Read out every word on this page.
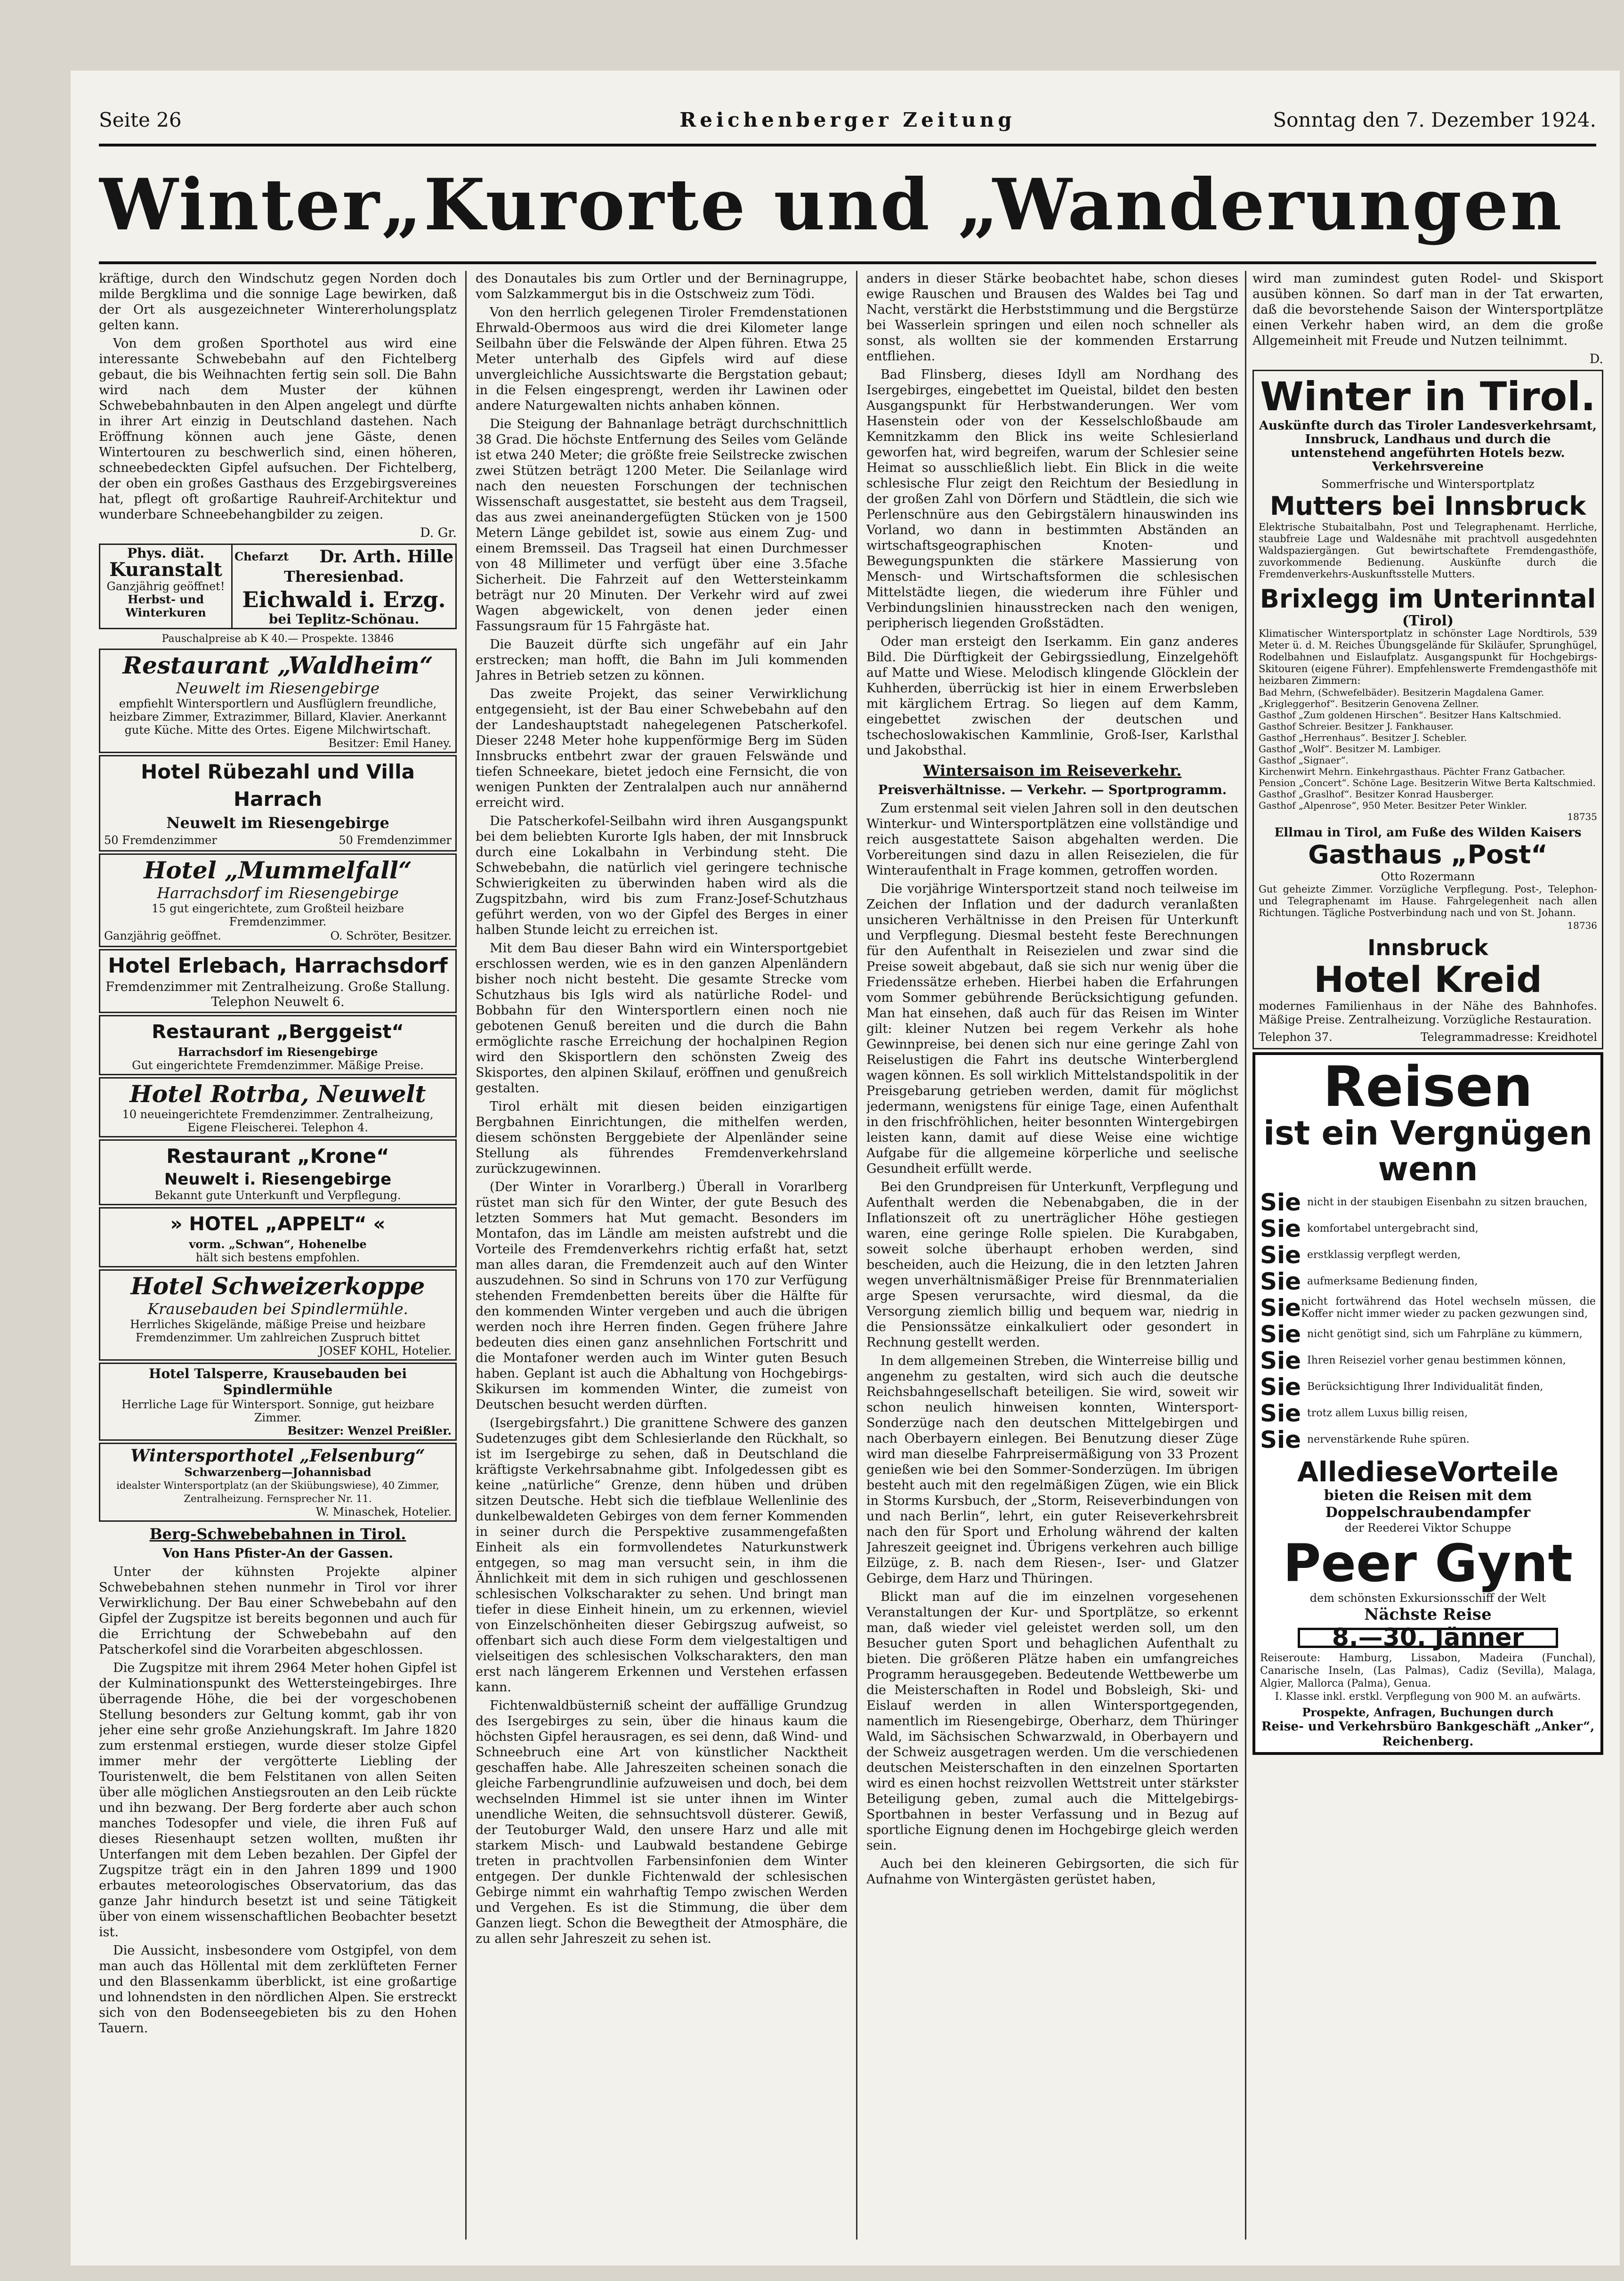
Seite 26	Reichenberger Zeitung	Sonntag den 7. Dezember 1924.
Winter„Kurorte und „Wanderungen

kräftige, durch den Windschutz gegen Norden doch milde Bergklima und die sonnige Lage bewirken, daß der Ort als ausgezeichneter Wintererholungsplatz gelten kann.

Von dem großen Sporthotel aus wird eine interessante Schwebebahn auf den Fichtelberg gebaut, die bis Weihnachten fertig sein soll. Die Bahn wird nach dem Muster der kühnen Schwebebahnbauten in den Alpen angelegt und dürfte in ihrer Art einzig in Deutschland dastehen. Nach Eröffnung können auch jene Gäste, denen Wintertouren zu beschwerlich sind, einen höheren, schneebedeckten Gipfel aufsuchen. Der Fichtelberg, der oben ein großes Gasthaus des Erzgebirgsvereines hat, pflegt oft großartige Rauhreif-Architektur und wunderbare Schneebehangbilder zu zeigen.

D. Gr.
Phys. diät.
Kuranstalt
Ganzjährig geöffnet!
Herbst- und Winterkuren
Chefarzt Dr. Arth. Hille
Theresienbad.
Eichwald i. Erzg.
bei Teplitz-Schönau.
Pauschalpreise ab K 40.— Prospekte. 13846
Restaurant „Waldheim“
Neuwelt im Riesengebirge
empfiehlt Wintersportlern und Ausflüglern freundliche, heizbare Zimmer, Extrazimmer, Billard, Klavier. Anerkannt gute Küche. Mitte des Ortes. Eigene Milchwirtschaft.
Besitzer: Emil Haney.
Hotel Rübezahl und Villa Harrach
Neuwelt im Riesengebirge
50 Fremdenzimmer	50 Fremdenzimmer
Hotel „Mummelfall“
Harrachsdorf im Riesengebirge
15 gut eingerichtete, zum Großteil heizbare Fremdenzimmer.
Ganzjährig geöffnet.	O. Schröter, Besitzer.
Hotel Erlebach, Harrachsdorf
Fremdenzimmer mit Zentralheizung. Große Stallung. Telephon Neuwelt 6.
Restaurant „Berggeist“
Harrachsdorf im Riesengebirge
Gut eingerichtete Fremdenzimmer. Mäßige Preise.
Hotel Rotrba, Neuwelt
10 neueingerichtete Fremdenzimmer. Zentralheizung, Eigene Fleischerei. Telephon 4.
Restaurant „Krone“
Neuwelt i. Riesengebirge
Bekannt gute Unterkunft und Verpflegung.
» HOTEL „APPELT“ «
vorm. „Schwan“, Hohenelbe
hält sich bestens empfohlen.
Hotel Schweizerkoppe
Krausebauden bei Spindlermühle.
Herrliches Skigelände, mäßige Preise und heizbare Fremdenzimmer. Um zahlreichen Zuspruch bittet
JOSEF KOHL, Hotelier.
Hotel Talsperre, Krausebauden bei Spindlermühle
Herrliche Lage für Wintersport. Sonnige, gut heizbare Zimmer.
Besitzer: Wenzel Preißler.
Wintersporthotel „Felsenburg“
Schwarzenberg—Johannisbad
idealster Wintersportplatz (an der Skiübungswiese), 40 Zimmer, Zentralheizung. Fernsprecher Nr. 11.
W. Minaschek, Hotelier.
Berg-Schwebebahnen in Tirol.
Von Hans Pfister-An der Gassen.

Unter der kühnsten Projekte alpiner Schwebebahnen stehen nunmehr in Tirol vor ihrer Verwirklichung. Der Bau einer Schwebebahn auf den Gipfel der Zugspitze ist bereits begonnen und auch für die Errichtung der Schwebebahn auf den Patscherkofel sind die Vorarbeiten abgeschlossen.

Die Zugspitze mit ihrem 2964 Meter hohen Gipfel ist der Kulminationspunkt des Wettersteingebirges. Ihre überragende Höhe, die bei der vorgeschobenen Stellung besonders zur Geltung kommt, gab ihr von jeher eine sehr große Anziehungskraft. Im Jahre 1820 zum erstenmal erstiegen, wurde dieser stolze Gipfel immer mehr der vergötterte Liebling der Touristenwelt, die bem Felstitanen von allen Seiten über alle möglichen Anstiegsrouten an den Leib rückte und ihn bezwang. Der Berg forderte aber auch schon manches Todesopfer und viele, die ihren Fuß auf dieses Riesenhaupt setzen wollten, mußten ihr Unterfangen mit dem Leben bezahlen. Der Gipfel der Zugspitze trägt ein in den Jahren 1899 und 1900 erbautes meteorologisches Observatorium, das das ganze Jahr hindurch besetzt ist und seine Tätigkeit über von einem wissenschaftlichen Beobachter besetzt ist.

Die Aussicht, insbesondere vom Ostgipfel, von dem man auch das Höllental mit dem zerklüfteten Ferner und den Blassenkamm überblickt, ist eine großartige und lohnendsten in den nördlichen Alpen. Sie erstreckt sich von den Bodenseegebieten bis zu den Hohen Tauern.

des Donautales bis zum Ortler und der Berninagruppe, vom Salzkammergut bis in die Ostschweiz zum Tödi.

Von den herrlich gelegenen Tiroler Fremdenstationen Ehrwald-Obermoos aus wird die drei Kilometer lange Seilbahn über die Felswände der Alpen führen. Etwa 25 Meter unterhalb des Gipfels wird auf diese unvergleichliche Aussichtswarte die Bergstation gebaut; in die Felsen eingesprengt, werden ihr Lawinen oder andere Naturgewalten nichts anhaben können.

Die Steigung der Bahnanlage beträgt durchschnittlich 38 Grad. Die höchste Entfernung des Seiles vom Gelände ist etwa 240 Meter; die größte freie Seilstrecke zwischen zwei Stützen beträgt 1200 Meter. Die Seilanlage wird nach den neuesten Forschungen der technischen Wissenschaft ausgestattet, sie besteht aus dem Tragseil, das aus zwei aneinandergefügten Stücken von je 1500 Metern Länge gebildet ist, sowie aus einem Zug- und einem Bremsseil. Das Tragseil hat einen Durchmesser von 48 Millimeter und verfügt über eine 3.5fache Sicherheit. Die Fahrzeit auf den Wettersteinkamm beträgt nur 20 Minuten. Der Verkehr wird auf zwei Wagen abgewickelt, von denen jeder einen Fassungsraum für 15 Fahrgäste hat.

Die Bauzeit dürfte sich ungefähr auf ein Jahr erstrecken; man hofft, die Bahn im Juli kommenden Jahres in Betrieb setzen zu können.

Das zweite Projekt, das seiner Verwirklichung entgegensieht, ist der Bau einer Schwebebahn auf den der Landeshauptstadt nahegelegenen Patscherkofel. Dieser 2248 Meter hohe kuppenförmige Berg im Süden Innsbrucks entbehrt zwar der grauen Felswände und tiefen Schneekare, bietet jedoch eine Fernsicht, die von wenigen Punkten der Zentralalpen auch nur annähernd erreicht wird.

Die Patscherkofel-Seilbahn wird ihren Ausgangspunkt bei dem beliebten Kurorte Igls haben, der mit Innsbruck durch eine Lokalbahn in Verbindung steht. Die Schwebebahn, die natürlich viel geringere technische Schwierigkeiten zu überwinden haben wird als die Zugspitzbahn, wird bis zum Franz-Josef-Schutzhaus geführt werden, von wo der Gipfel des Berges in einer halben Stunde leicht zu erreichen ist.

Mit dem Bau dieser Bahn wird ein Wintersportgebiet erschlossen werden, wie es in den ganzen Alpenländern bisher noch nicht besteht. Die gesamte Strecke vom Schutzhaus bis Igls wird als natürliche Rodel- und Bobbahn für den Wintersportlern einen noch nie gebotenen Genuß bereiten und die durch die Bahn ermöglichte rasche Erreichung der hochalpinen Region wird den Skisportlern den schönsten Zweig des Skisportes, den alpinen Skilauf, eröffnen und genußreich gestalten.

Tirol erhält mit diesen beiden einzigartigen Bergbahnen Einrichtungen, die mithelfen werden, diesem schönsten Berggebiete der Alpenländer seine Stellung als führendes Fremdenverkehrsland zurückzugewinnen.

(Der Winter in Vorarlberg.) Überall in Vorarlberg rüstet man sich für den Winter, der gute Besuch des letzten Sommers hat Mut gemacht. Besonders im Montafon, das im Ländle am meisten aufstrebt und die Vorteile des Fremdenverkehrs richtig erfaßt hat, setzt man alles daran, die Fremdenzeit auch auf den Winter auszudehnen. So sind in Schruns von 170 zur Verfügung stehenden Fremdenbetten bereits über die Hälfte für den kommenden Winter vergeben und auch die übrigen werden noch ihre Herren finden. Gegen frühere Jahre bedeuten dies einen ganz ansehnlichen Fortschritt und die Montafoner werden auch im Winter guten Besuch haben. Geplant ist auch die Abhaltung von Hochgebirgs-Skikursen im kommenden Winter, die zumeist von Deutschen besucht werden dürften.

(Isergebirgsfahrt.) Die granittene Schwere des ganzen Sudetenzuges gibt dem Schlesierlande den Rückhalt, so ist im Isergebirge zu sehen, daß in Deutschland die kräftigste Verkehrsabnahme gibt. Infolgedessen gibt es keine „natürliche“ Grenze, denn hüben und drüben sitzen Deutsche. Hebt sich die tiefblaue Wellenlinie des dunkelbewaldeten Gebirges von dem ferner Kommenden in seiner durch die Perspektive zusammengefaßten Einheit als ein formvollendetes Naturkunstwerk entgegen, so mag man versucht sein, in ihm die Ähnlichkeit mit dem in sich ruhigen und geschlossenen schlesischen Volkscharakter zu sehen. Und bringt man tiefer in diese Einheit hinein, um zu erkennen, wieviel von Einzelschönheiten dieser Gebirgszug aufweist, so offenbart sich auch diese Form dem vielgestaltigen und vielseitigen des schlesischen Volkscharakters, den man erst nach längerem Erkennen und Verstehen erfassen kann.

Fichtenwaldbüsterniß scheint der auffällige Grundzug des Isergebirges zu sein, über die hinaus kaum die höchsten Gipfel herausragen, es sei denn, daß Wind- und Schneebruch eine Art von künstlicher Nacktheit geschaffen habe. Alle Jahreszeiten scheinen sonach die gleiche Farbengrundlinie aufzuweisen und doch, bei dem wechselnden Himmel ist sie unter ihnen im Winter unendliche Weiten, die sehnsuchtsvoll düsterer. Gewiß, der Teutoburger Wald, den unsere Harz und alle mit starkem Misch- und Laubwald bestandene Gebirge treten in prachtvollen Farbensinfonien dem Winter entgegen. Der dunkle Fichtenwald der schlesischen Gebirge nimmt ein wahrhaftig Tempo zwischen Werden und Vergehen. Es ist die Stimmung, die über dem Ganzen liegt. Schon die Bewegtheit der Atmosphäre, die zu allen sehr Jahreszeit zu sehen ist.

anders in dieser Stärke beobachtet habe, schon dieses ewige Rauschen und Brausen des Waldes bei Tag und Nacht, verstärkt die Herbststimmung und die Bergstürze bei Wasserlein springen und eilen noch schneller als sonst, als wollten sie der kommenden Erstarrung entfliehen.

Bad Flinsberg, dieses Idyll am Nordhang des Isergebirges, eingebettet im Queistal, bildet den besten Ausgangspunkt für Herbstwanderungen. Wer vom Hasenstein oder von der Kesselschloßbaude am Kemnitzkamm den Blick ins weite Schlesierland geworfen hat, wird begreifen, warum der Schlesier seine Heimat so ausschließlich liebt. Ein Blick in die weite schlesische Flur zeigt den Reichtum der Besiedlung in der großen Zahl von Dörfern und Städtlein, die sich wie Perlenschnüre aus den Gebirgstälern hinauswinden ins Vorland, wo dann in bestimmten Abständen an wirtschaftsgeographischen Knoten- und Bewegungspunkten die stärkere Massierung von Mensch- und Wirtschaftsformen die schlesischen Mittelstädte liegen, die wiederum ihre Fühler und Verbindungslinien hinausstrecken nach den wenigen, peripherisch liegenden Großstädten.

Oder man ersteigt den Iserkamm. Ein ganz anderes Bild. Die Dürftigkeit der Gebirgssiedlung, Einzelgehöft auf Matte und Wiese. Melodisch klingende Glöcklein der Kuhherden, überrückig ist hier in einem Erwerbsleben mit kärglichem Ertrag. So liegen auf dem Kamm, eingebettet zwischen der deutschen und tschechoslowakischen Kammlinie, Groß-Iser, Karlsthal und Jakobsthal.

Wintersaison im Reiseverkehr.
Preisverhältnisse. — Verkehr. — Sportprogramm.

Zum erstenmal seit vielen Jahren soll in den deutschen Winterkur- und Wintersportplätzen eine vollständige und reich ausgestattete Saison abgehalten werden. Die Vorbereitungen sind dazu in allen Reisezielen, die für Winteraufenthalt in Frage kommen, getroffen worden.

Die vorjährige Wintersportzeit stand noch teilweise im Zeichen der Inflation und der dadurch veranlaßten unsicheren Verhältnisse in den Preisen für Unterkunft und Verpflegung. Diesmal besteht feste Berechnungen für den Aufenthalt in Reisezielen und zwar sind die Preise soweit abgebaut, daß sie sich nur wenig über die Friedenssätze erheben. Hierbei haben die Erfahrungen vom Sommer gebührende Berücksichtigung gefunden. Man hat einsehen, daß auch für das Reisen im Winter gilt: kleiner Nutzen bei regem Verkehr als hohe Gewinnpreise, bei denen sich nur eine geringe Zahl von Reiselustigen die Fahrt ins deutsche Winterberglend wagen können. Es soll wirklich Mittelstandspolitik in der Preisgebarung getrieben werden, damit für möglichst jedermann, wenigstens für einige Tage, einen Aufenthalt in den frischfröhlichen, heiter besonnten Wintergebirgen leisten kann, damit auf diese Weise eine wichtige Aufgabe für die allgemeine körperliche und seelische Gesundheit erfüllt werde.

Bei den Grundpreisen für Unterkunft, Verpflegung und Aufenthalt werden die Nebenabgaben, die in der Inflationszeit oft zu unerträglicher Höhe gestiegen waren, eine geringe Rolle spielen. Die Kurabgaben, soweit solche überhaupt erhoben werden, sind bescheiden, auch die Heizung, die in den letzten Jahren wegen unverhältnismäßiger Preise für Brennmaterialien arge Spesen verursachte, wird diesmal, da die Versorgung ziemlich billig und bequem war, niedrig in die Pensionssätze einkalkuliert oder gesondert in Rechnung gestellt werden.

In dem allgemeinen Streben, die Winterreise billig und angenehm zu gestalten, wird sich auch die deutsche Reichsbahngesellschaft beteiligen. Sie wird, soweit wir schon neulich hinweisen konnten, Wintersport-Sonderzüge nach den deutschen Mittelgebirgen und nach Oberbayern einlegen. Bei Benutzung dieser Züge wird man dieselbe Fahrpreisermäßigung von 33 Prozent genießen wie bei den Sommer-Sonderzügen. Im übrigen besteht auch mit den regelmäßigen Zügen, wie ein Blick in Storms Kursbuch, der „Storm, Reiseverbindungen von und nach Berlin“, lehrt, ein guter Reiseverkehrsbreit nach den für Sport und Erholung während der kalten Jahreszeit geeignet ind. Übrigens verkehren auch billige Eilzüge, z. B. nach dem Riesen-, Iser- und Glatzer Gebirge, dem Harz und Thüringen.

Blickt man auf die im einzelnen vorgesehenen Veranstaltungen der Kur- und Sportplätze, so erkennt man, daß wieder viel geleistet werden soll, um den Besucher guten Sport und behaglichen Aufenthalt zu bieten. Die größeren Plätze haben ein umfangreiches Programm herausgegeben. Bedeutende Wettbewerbe um die Meisterschaften in Rodel und Bobsleigh, Ski- und Eislauf werden in allen Wintersportgegenden, namentlich im Riesengebirge, Oberharz, dem Thüringer Wald, im Sächsischen Schwarzwald, in Oberbayern und der Schweiz ausgetragen werden. Um die verschiedenen deutschen Meisterschaften in den einzelnen Sportarten wird es einen hochst reizvollen Wettstreit unter stärkster Beteiligung geben, zumal auch die Mittelgebirgs-Sportbahnen in bester Verfassung und in Bezug auf sportliche Eignung denen im Hochgebirge gleich werden sein.

Auch bei den kleineren Gebirgsorten, die sich für Aufnahme von Wintergästen gerüstet haben,

wird man zumindest guten Rodel- und Skisport ausüben können. So darf man in der Tat erwarten, daß die bevorstehende Saison der Wintersportplätze einen Verkehr haben wird, an dem die große Allgemeinheit mit Freude und Nutzen teilnimmt.

D.
Winter in Tirol.
Auskünfte durch das Tiroler Landesverkehrsamt, Innsbruck, Landhaus und durch die untenstehend angeführten Hotels bezw. Verkehrsvereine
Sommerfrische und Wintersportplatz
Mutters bei Innsbruck
Elektrische Stubaitalbahn, Post und Telegraphenamt. Herrliche, staubfreie Lage und Waldesnähe mit prachtvoll ausgedehnten Waldspaziergängen. Gut bewirtschaftete Fremdengasthöfe, zuvorkommende Bedienung. Auskünfte durch die Fremdenverkehrs-Auskunftsstelle Mutters.
Brixlegg im Unterinntal
(Tirol)
Klimatischer Wintersportplatz in schönster Lage Nordtirols, 539 Meter ü. d. M. Reiches Übungsgelände für Skiläufer, Sprunghügel, Rodelbahnen und Eislaufplatz. Ausgangspunkt für Hochgebirgs-Skitouren (eigene Führer). Empfehlenswerte Fremdengasthöfe mit heizbaren Zimmern:
Bad Mehrn, (Schwefelbäder). Besitzerin Magdalena Gamer.
„Krigleggerhof“. Besitzerin Genovena Zellner.
Gasthof „Zum goldenen Hirschen“. Besitzer Hans Kaltschmied.
Gasthof Schreier. Besitzer J. Fankhauser.
Gasthof „Herrenhaus“. Besitzer J. Schebler.
Gasthof „Wolf“. Besitzer M. Lambiger.
Gasthof „Signaer“.
Kirchenwirt Mehrn. Einkehrgasthaus. Pächter Franz Gatbacher.
Pension „Concert“. Schöne Lage. Besitzerin Witwe Berta Kaltschmied.
Gasthof „Graslhof“. Besitzer Konrad Hausberger.
Gasthof „Alpenrose“, 950 Meter. Besitzer Peter Winkler.
18735
Ellmau in Tirol, am Fuße des Wilden Kaisers
Gasthaus „Post“
Otto Rozermann
Gut geheizte Zimmer. Vorzügliche Verpflegung. Post-, Telephon- und Telegraphenamt im Hause. Fahrgelegenheit nach allen Richtungen. Tägliche Postverbindung nach und von St. Johann.
18736
Innsbruck
Hotel Kreid
modernes Familienhaus in der Nähe des Bahnhofes. Mäßige Preise. Zentralheizung. Vorzügliche Restauration.
Telephon 37.	Telegrammadresse: Kreidhotel
Reisen
ist ein Vergnügen wenn
Sie nicht in der staubigen Eisenbahn zu sitzen brauchen,
Sie komfortabel untergebracht sind,
Sie erstklassig verpflegt werden,
Sie aufmerksame Bedienung finden,
Sie nicht fortwährend das Hotel wechseln müssen, die Koffer nicht immer wieder zu packen gezwungen sind,
Sie nicht genötigt sind, sich um Fahrpläne zu kümmern,
Sie Ihren Reiseziel vorher genau bestimmen können,
Sie Berücksichtigung Ihrer Individualität finden,
Sie trotz allem Luxus billig reisen,
Sie nervenstärkende Ruhe spüren.
AlledieseVorteile
bieten die Reisen mit dem Doppelschraubendampfer
der Reederei Viktor Schuppe
Peer Gynt
dem schönsten Exkursionsschiff der Welt
Nächste Reise
8.—30. Jänner
Reiseroute: Hamburg, Lissabon, Madeira (Funchal), Canarische Inseln, (Las Palmas), Cadiz (Sevilla), Malaga, Algier, Mallorca (Palma), Genua.
I. Klasse inkl. erstkl. Verpflegung von 900 M. an aufwärts.
Prospekte, Anfragen, Buchungen durch
Reise- und Verkehrsbüro Bankgeschäft „Anker“, Reichenberg.
